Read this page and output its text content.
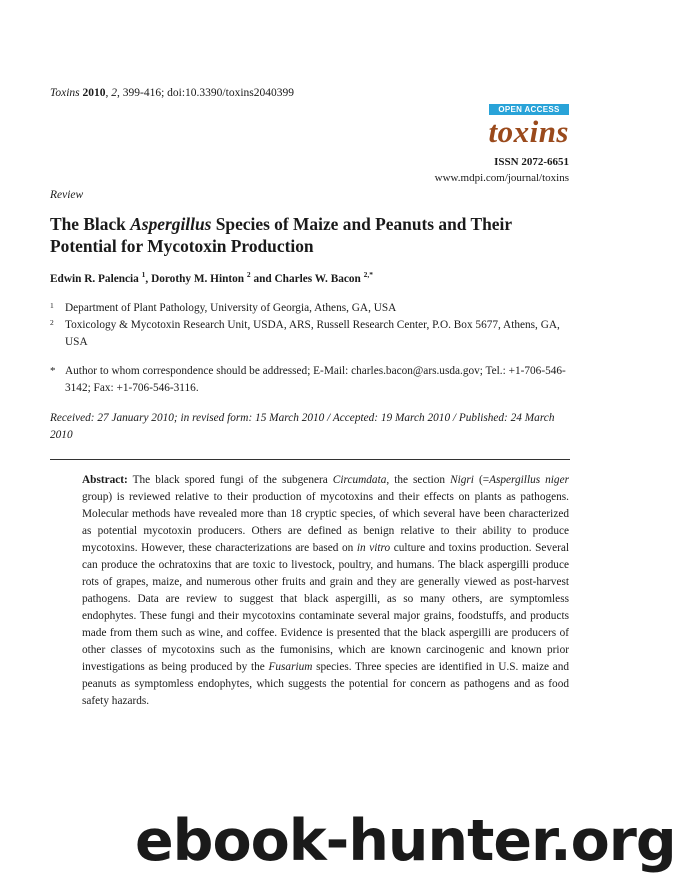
Toxins 2010, 2, 399-416; doi:10.3390/toxins2040399
OPEN ACCESS
toxins
ISSN 2072-6651
www.mdpi.com/journal/toxins
Review
The Black Aspergillus Species of Maize and Peanuts and Their Potential for Mycotoxin Production
Edwin R. Palencia $^1$, Dorothy M. Hinton $^2$ and Charles W. Bacon $^{2,*}$
1 Department of Plant Pathology, University of Georgia, Athens, GA, USA
2 Toxicology & Mycotoxin Research Unit, USDA, ARS, Russell Research Center, P.O. Box 5677, Athens, GA, USA
* Author to whom correspondence should be addressed; E-Mail: charles.bacon@ars.usda.gov; Tel.: +1-706-546-3142; Fax: +1-706-546-3116.
Received: 27 January 2010; in revised form: 15 March 2010 / Accepted: 19 March 2010 / Published: 24 March 2010

Abstract: The black spored fungi of the subgenera Circumdata, the section Nigri (=Aspergillus niger group) is reviewed relative to their production of mycotoxins and their effects on plants as pathogens. Molecular methods have revealed more than 18 cryptic species, of which several have been characterized as potential mycotoxin producers. Others are defined as benign relative to their ability to produce mycotoxins. However, these characterizations are based on in vitro culture and toxins production. Several can produce the ochratoxins that are toxic to livestock, poultry, and humans. The black aspergilli produce rots of grapes, maize, and numerous other fruits and grain and they are generally viewed as post-harvest pathogens. Data are review to suggest that black aspergilli, as so many others, are symptomless endophytes. These fungi and their mycotoxins contaminate several major grains, foodstuffs, and products made from them such as wine, and coffee. Evidence is presented that the black aspergilli are producers of other classes of mycotoxins such as the fumonisins, which are known carcinogenic and known prior investigations as being produced by the Fusarium species. Three species are identified in U.S. maize and peanuts as symptomless endophytes, which suggests the potential for concern as pathogens and as food safety hazards.

ebook-hunter.org
